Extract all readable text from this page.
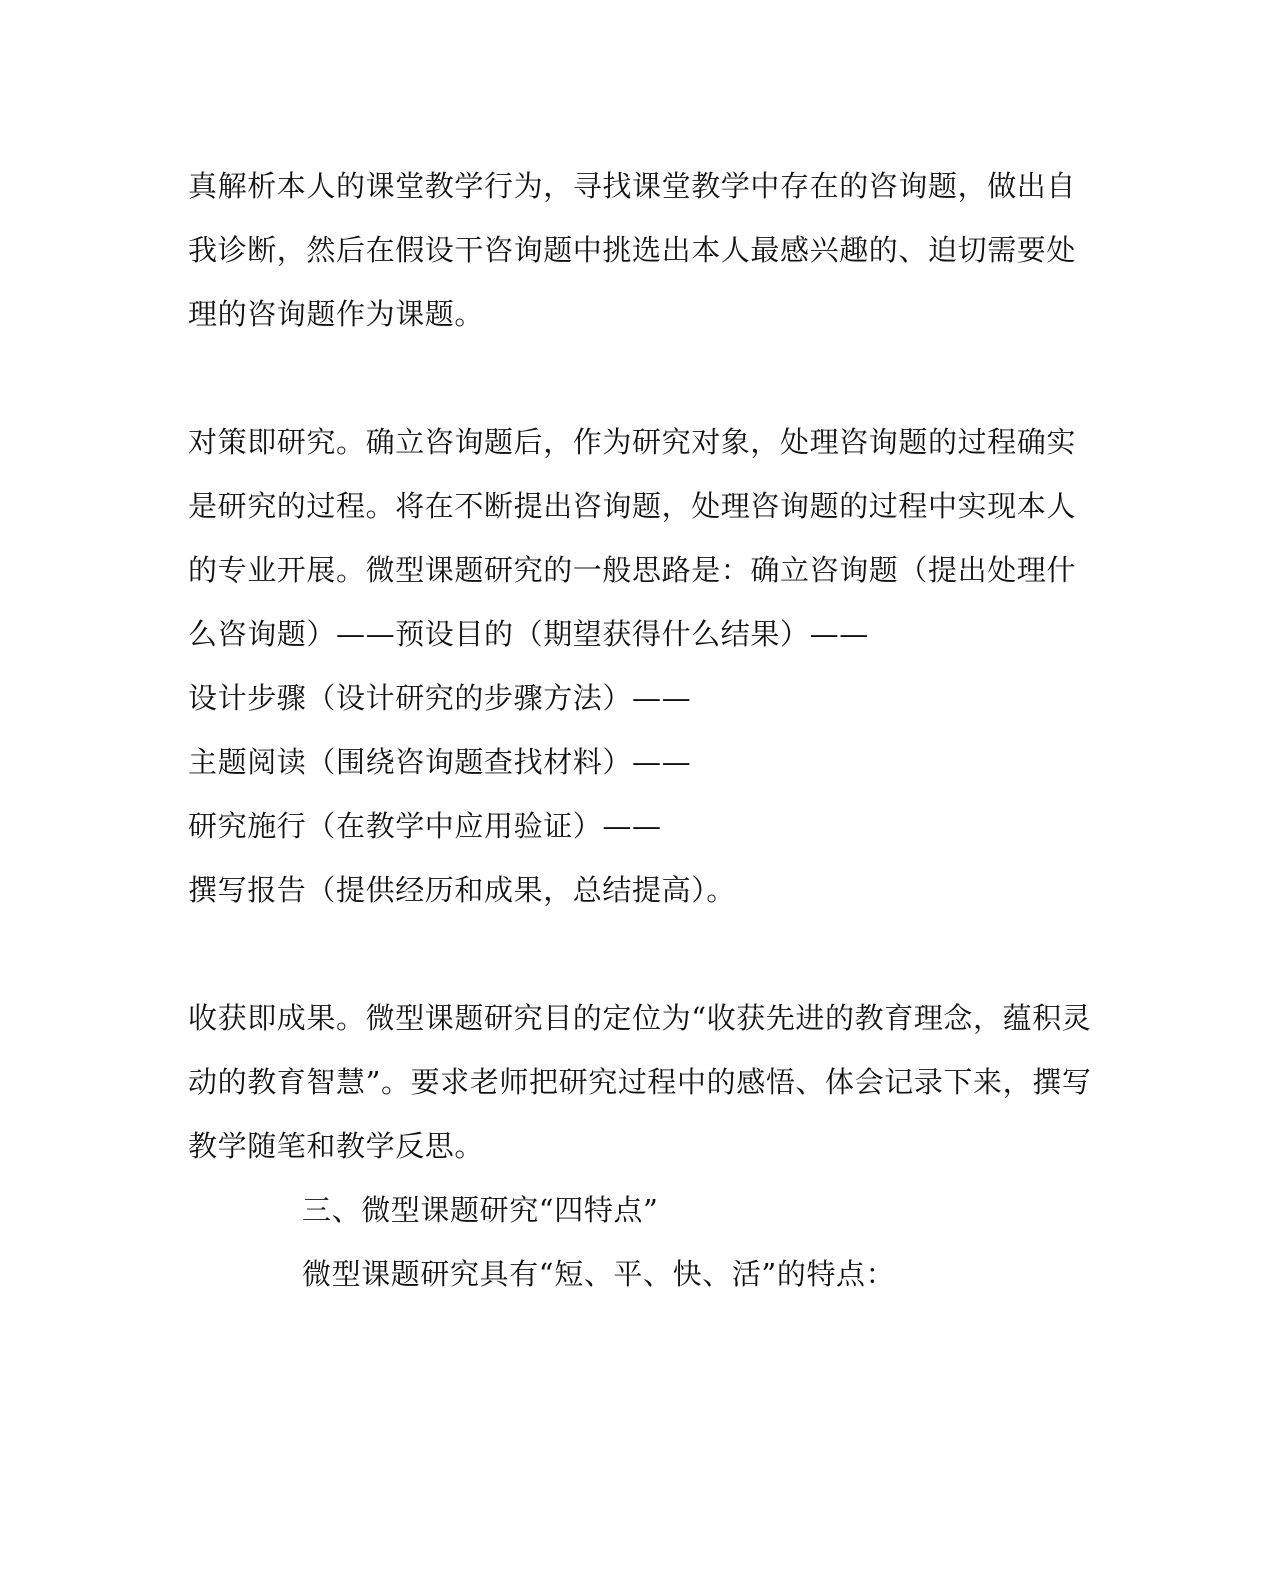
真解析本人的课堂教学行为，寻找课堂教学中存在的咨询题，做出自
我诊断，然后在假设干咨询题中挑选出本人最感兴趣的、迫切需要处
理的咨询题作为课题。
对策即研究。确立咨询题后，作为研究对象，处理咨询题的过程确实
是研究的过程。将在不断提出咨询题，处理咨询题的过程中实现本人
的专业开展。微型课题研究的一般思路是：确立咨询题（提出处理什
么咨询题）——预设目的（期望获得什么结果）——
设计步骤（设计研究的步骤方法）——
主题阅读（围绕咨询题查找材料）——
研究施行（在教学中应用验证）——
撰写报告（提供经历和成果，总结提高）。
收获即成果。微型课题研究目的定位为“收获先进的教育理念，蕴积灵
动的教育智慧”。要求老师把研究过程中的感悟、体会记录下来，撰写
教学随笔和教学反思。
三、微型课题研究“四特点”
微型课题研究具有“短、平、快、活”的特点：
